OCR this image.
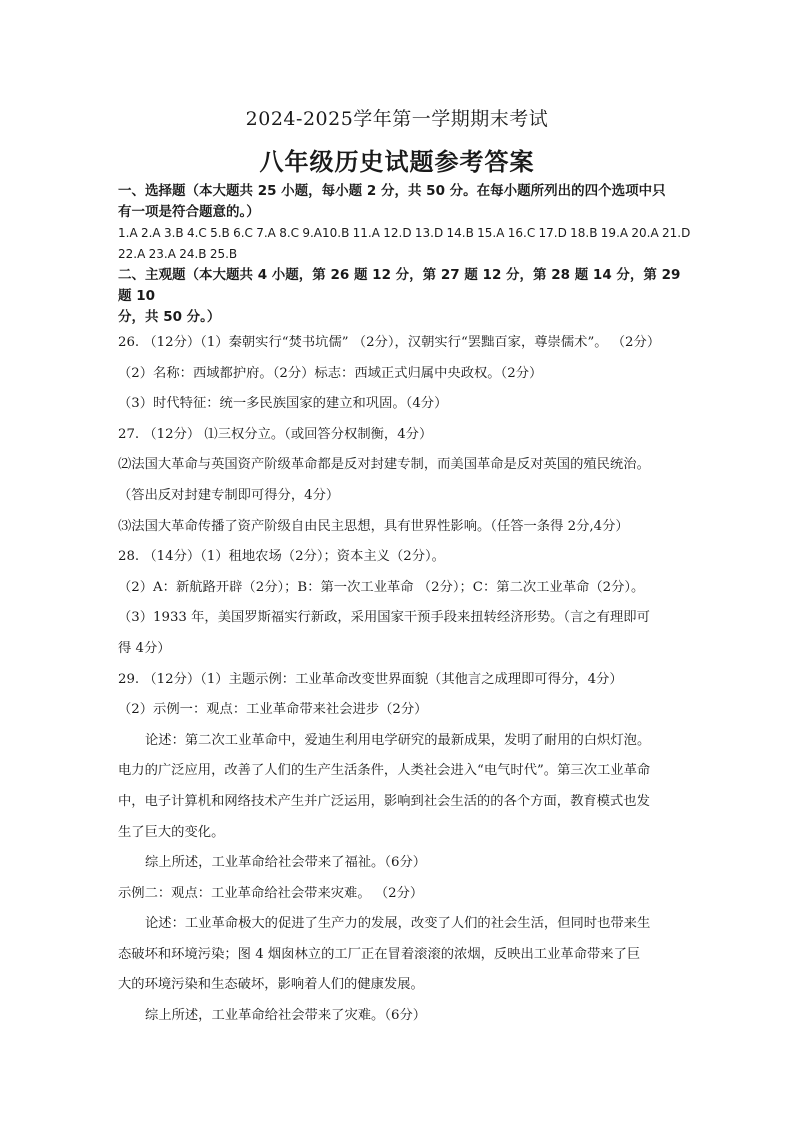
2024-2025学年第一学期期末考试
八年级历史试题参考答案
一、选择题（本大题共 25 小题，每小题 2 分，共 50 分。在每小题所列出的四个选项中只
有一项是符合题意的。）
1.A 2.A 3.B 4.C 5.B 6.C 7.A 8.C 9.A10.B 11.A 12.D 13.D 14.B 15.A 16.C 17.D 18.B 19.A 20.A 21.D
22.A 23.A 24.B 25.B
二、主观题（本大题共 4 小题，第 26 题 12 分，第 27 题 12 分，第 28 题 14 分，第 29 题 10
分，共 50 分。）
26. （12分）（1）秦朝实行“焚书坑儒” （2分），汉朝实行“罢黜百家，尊崇儒术”。 （2分）
（2）名称：西域都护府。（2分）标志：西域正式归属中央政权。（2分）
（3）时代特征：统一多民族国家的建立和巩固。（4分）
27. （12分） ⑴三权分立。（或回答分权制衡，4分）
⑵法国大革命与英国资产阶级革命都是反对封建专制，而美国革命是反对英国的殖民统治。
（答出反对封建专制即可得分，4分）
⑶法国大革命传播了资产阶级自由民主思想，具有世界性影响。（任答一条得 2分,4分）
28. （14分）（1）租地农场（2分）；资本主义（2分）。
（2）A：新航路开辟（2分）；B：第一次工业革命 （2分）；C：第二次工业革命（2分）。
（3）1933 年，美国罗斯福实行新政，采用国家干预手段来扭转经济形势。（言之有理即可
得 4分）
29. （12分）（1）主题示例：工业革命改变世界面貌（其他言之成理即可得分，4分）
（2）示例一：观点：工业革命带来社会进步（2分）
论述：第二次工业革命中，爱迪生利用电学研究的最新成果，发明了耐用的白炽灯泡。
电力的广泛应用，改善了人们的生产生活条件，人类社会进入“电气时代”。第三次工业革命
中，电子计算机和网络技术产生并广泛运用，影响到社会生活的的各个方面，教育模式也发
生了巨大的变化。
综上所述，工业革命给社会带来了福祉。（6分）
示例二：观点：工业革命给社会带来灾难。 （2分）
论述：工业革命极大的促进了生产力的发展，改变了人们的社会生活，但同时也带来生
态破坏和环境污染；图 4 烟囱林立的工厂正在冒着滚滚的浓烟，反映出工业革命带来了巨
大的环境污染和生态破坏，影响着人们的健康发展。
综上所述，工业革命给社会带来了灾难。（6分）
